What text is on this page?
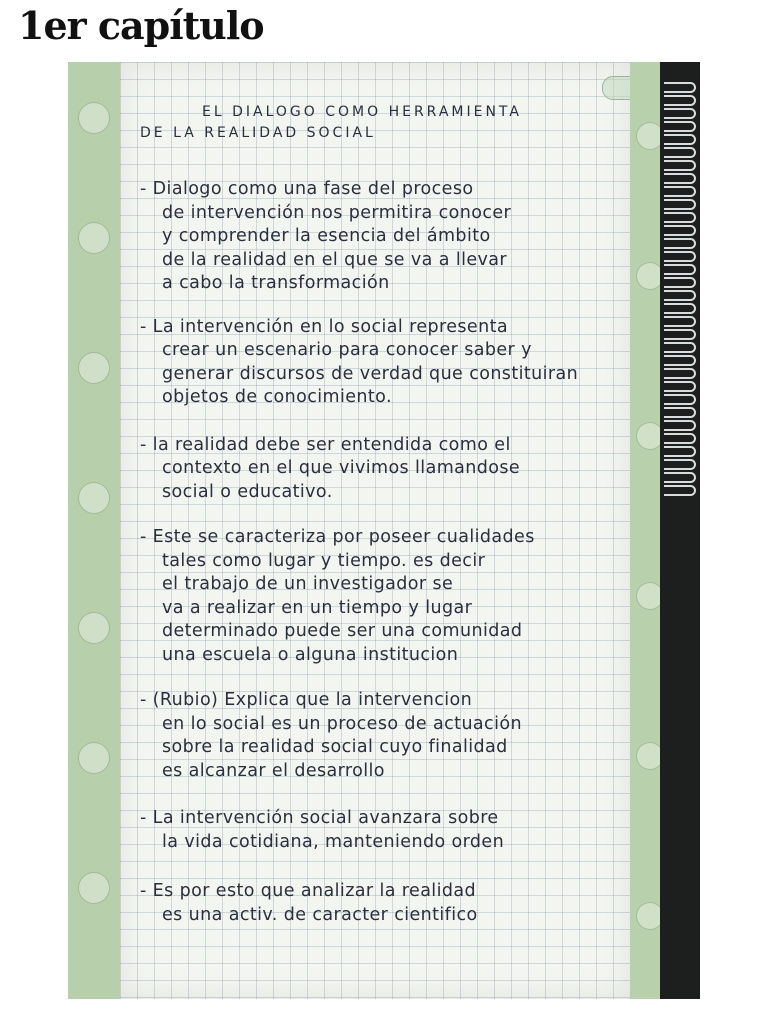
1er capítulo

EL DIALOGO COMO HERRAMIENTA

DE LA REALIDAD SOCIAL

- Dialogo como una fase del proceso

de intervención nos permitira conocer

y comprender la esencia del ámbito

de la realidad en el que se va a llevar

a cabo la transformación

- La intervención en lo social representa

crear un escenario para conocer saber y

generar discursos de verdad que constituiran

objetos de conocimiento.

- la realidad debe ser entendida como el

contexto en el que vivimos llamandose

social o educativo.

- Este se caracteriza por poseer cualidades

tales como lugar y tiempo. es decir

el trabajo de un investigador se

va a realizar en un tiempo y lugar

determinado puede ser una comunidad

una escuela o alguna institucion

- (Rubio) Explica que la intervencion

en lo social es un proceso de actuación

sobre la realidad social cuyo finalidad

es alcanzar el desarrollo

- La intervención social avanzara sobre

la vida cotidiana, manteniendo orden

- Es por esto que analizar la realidad

es una activ. de caracter cientifico
